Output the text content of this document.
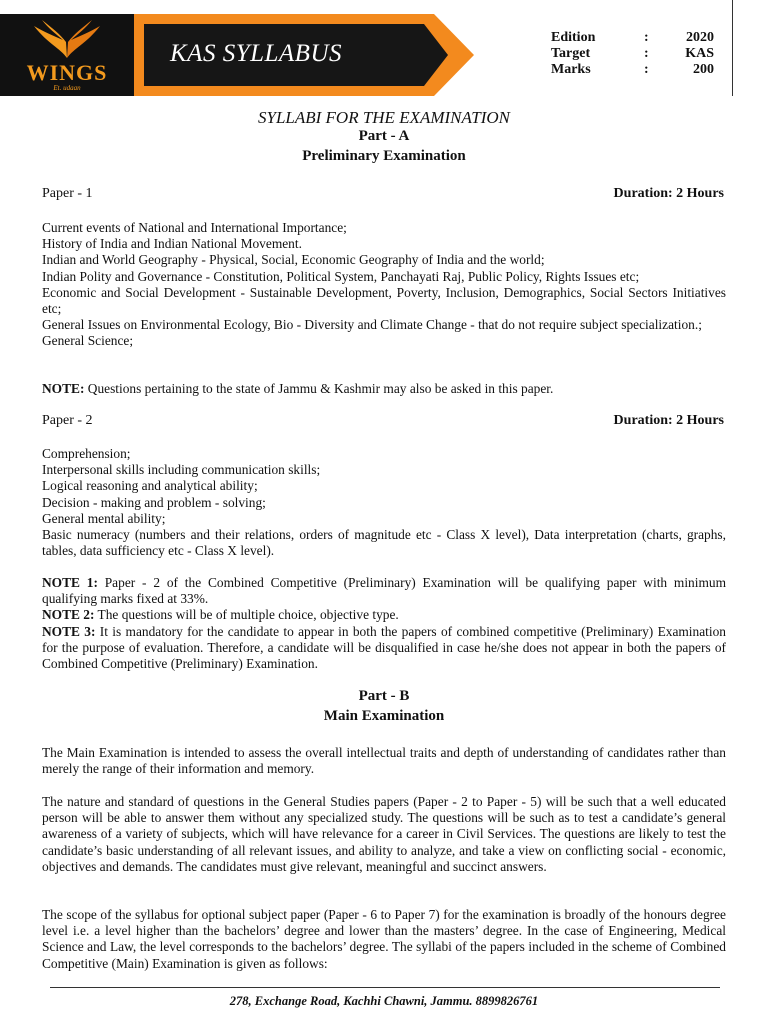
WINGS
Et. udaan
KAS SYLLABUS
Edition	:	2020
Target	:	KAS
Marks	:	200
SYLLABI FOR THE EXAMINATION
Part - A
Preliminary Examination
Paper - 1	Duration: 2 Hours
Current events of National and International Importance;
History of India and Indian National Movement.
Indian and World Geography - Physical, Social, Economic Geography of India and the world;
Indian Polity and Governance - Constitution, Political System, Panchayati Raj, Public Policy, Rights Issues etc;
Economic and Social Development - Sustainable Development, Poverty, Inclusion, Demographics, Social Sectors Initiatives etc;
General Issues on Environmental Ecology, Bio - Diversity and Climate Change - that do not require subject specialization.;
General Science;
NOTE: Questions pertaining to the state of Jammu & Kashmir may also be asked in this paper.
Paper - 2	Duration: 2 Hours
Comprehension;
Interpersonal skills including communication skills;
Logical reasoning and analytical ability;
Decision - making and problem - solving;
General mental ability;
Basic numeracy (numbers and their relations, orders of magnitude etc - Class X level), Data interpretation (charts, graphs, tables, data sufficiency etc - Class X level).
NOTE 1: Paper - 2 of the Combined Competitive (Preliminary) Examination will be qualifying paper with minimum qualifying marks fixed at 33%.
NOTE 2: The questions will be of multiple choice, objective type.
NOTE 3: It is mandatory for the candidate to appear in both the papers of combined competitive (Preliminary) Examination for the purpose of evaluation. Therefore, a candidate will be disqualified in case he/she does not appear in both the papers of Combined Competitive (Preliminary) Examination.
Part - B
Main Examination
The Main Examination is intended to assess the overall intellectual traits and depth of understanding of candidates rather than merely the range of their information and memory.
The nature and standard of questions in the General Studies papers (Paper - 2 to Paper - 5) will be such that a well educated person will be able to answer them without any specialized study. The questions will be such as to test a candidate’s general awareness of a variety of subjects, which will have relevance for a career in Civil Services. The questions are likely to test the candidate’s basic understanding of all relevant issues, and ability to analyze, and take a view on conflicting social - economic, objectives and demands. The candidates must give relevant, meaningful and succinct answers.
The scope of the syllabus for optional subject paper (Paper - 6 to Paper 7) for the examination is broadly of the honours degree level i.e. a level higher than the bachelors’ degree and lower than the masters’ degree. In the case of Engineering, Medical Science and Law, the level corresponds to the bachelors’ degree. The syllabi of the papers included in the scheme of Combined Competitive (Main) Examination is given as follows:
278, Exchange Road, Kachhi Chawni, Jammu. 8899826761
